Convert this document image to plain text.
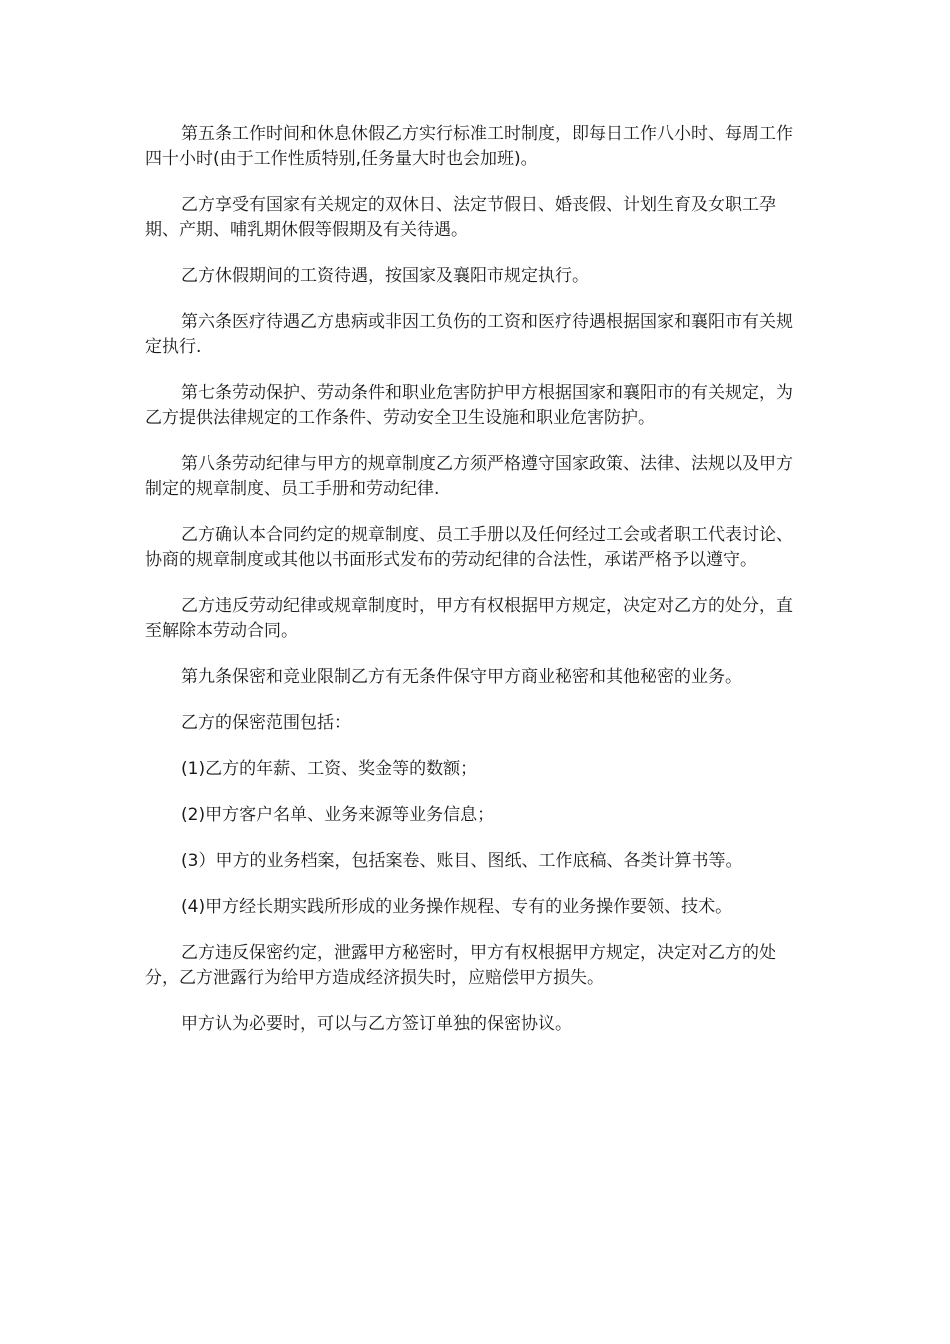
第五条工作时间和休息休假乙方实行标准工时制度，即每日工作八小时、每周工作四十小时(由于工作性质特别,任务量大时也会加班)。

乙方享受有国家有关规定的双休日、法定节假日、婚丧假、计划生育及女职工孕期、产期、哺乳期休假等假期及有关待遇。

乙方休假期间的工资待遇，按国家及襄阳市规定执行。

第六条医疗待遇乙方患病或非因工负伤的工资和医疗待遇根据国家和襄阳市有关规定执行.

第七条劳动保护、劳动条件和职业危害防护甲方根据国家和襄阳市的有关规定，为乙方提供法律规定的工作条件、劳动安全卫生设施和职业危害防护。

第八条劳动纪律与甲方的规章制度乙方须严格遵守国家政策、法律、法规以及甲方制定的规章制度、员工手册和劳动纪律.

乙方确认本合同约定的规章制度、员工手册以及任何经过工会或者职工代表讨论、协商的规章制度或其他以书面形式发布的劳动纪律的合法性，承诺严格予以遵守。

乙方违反劳动纪律或规章制度时，甲方有权根据甲方规定，决定对乙方的处分，直至解除本劳动合同。

第九条保密和竞业限制乙方有无条件保守甲方商业秘密和其他秘密的业务。

乙方的保密范围包括：

(1)乙方的年薪、工资、奖金等的数额；

(2)甲方客户名单、业务来源等业务信息；

(3）甲方的业务档案，包括案卷、账目、图纸、工作底稿、各类计算书等。

(4)甲方经长期实践所形成的业务操作规程、专有的业务操作要领、技术。

乙方违反保密约定，泄露甲方秘密时，甲方有权根据甲方规定，决定对乙方的处分，乙方泄露行为给甲方造成经济损失时，应赔偿甲方损失。

甲方认为必要时，可以与乙方签订单独的保密协议。
